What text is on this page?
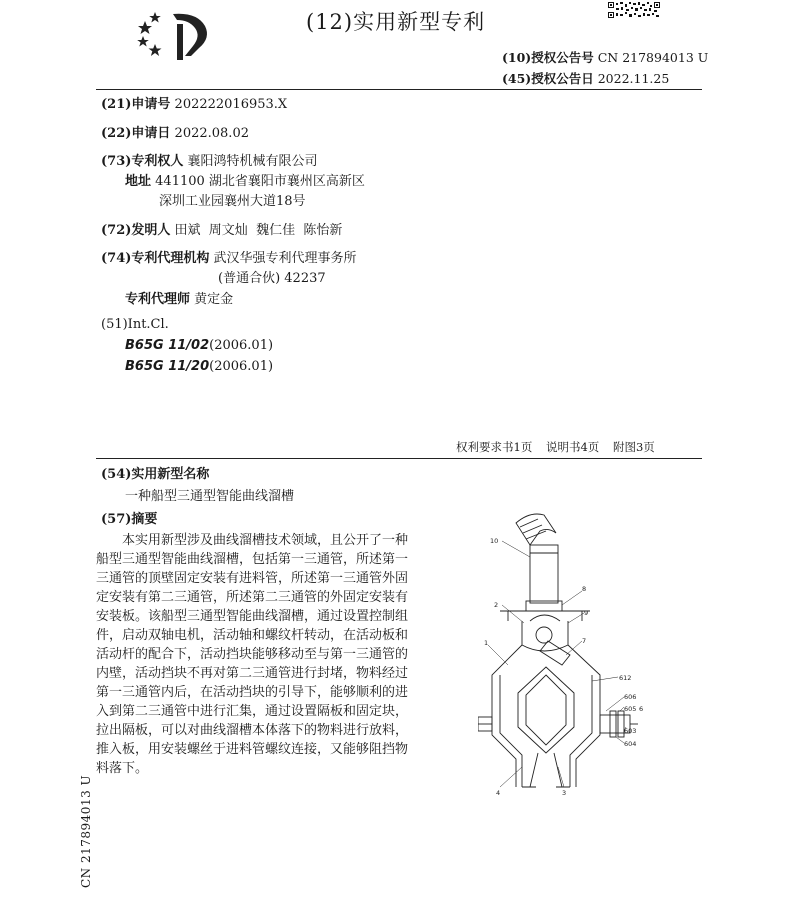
(12)实用新型专利
(10)授权公告号 CN 217894013 U
(45)授权公告日 2022.11.25
(21)申请号 202222016953.X
(22)申请日 2022.08.02
(73)专利权人 襄阳鸿特机械有限公司
地址 441100 湖北省襄阳市襄州区高新区
深圳工业园襄州大道18号
(72)发明人 田斌  周文灿  魏仁佳  陈怡新
(74)专利代理机构 武汉华强专利代理事务所
(普通合伙) 42237
专利代理师 黄定金
(51)Int.Cl.
B65G 11/02(2006.01)
B65G 11/20(2006.01)
权利要求书1页 说明书4页 附图3页
(54)实用新型名称
一种船型三通型智能曲线溜槽
(57)摘要
本实用新型涉及曲线溜槽技术领域，且公开了一种船型三通型智能曲线溜槽，包括第一三通管，所述第一三通管的顶壁固定安装有进料管，所述第一三通管外固定安装有第二三通管，所述第二三通管的外固定安装有安装板。该船型三通型智能曲线溜槽，通过设置控制组件，启动双轴电机，活动轴和螺纹杆转动，在活动板和活动杆的配合下，活动挡块能够移动至与第一三通管的内壁，活动挡块不再对第二三通管进行封堵，物料经过第一三通管内后，在活动挡块的引导下，能够顺利的进入到第二三通管中进行汇集，通过设置隔板和固定块，拉出隔板，可以对曲线溜槽本体落下的物料进行放料，推入板，用安装螺丝于进料管螺纹连接，又能够阻挡物料落下。
CN 217894013 U
10
8
2
9
1	7
612
606
605 6
603
604
4	3
